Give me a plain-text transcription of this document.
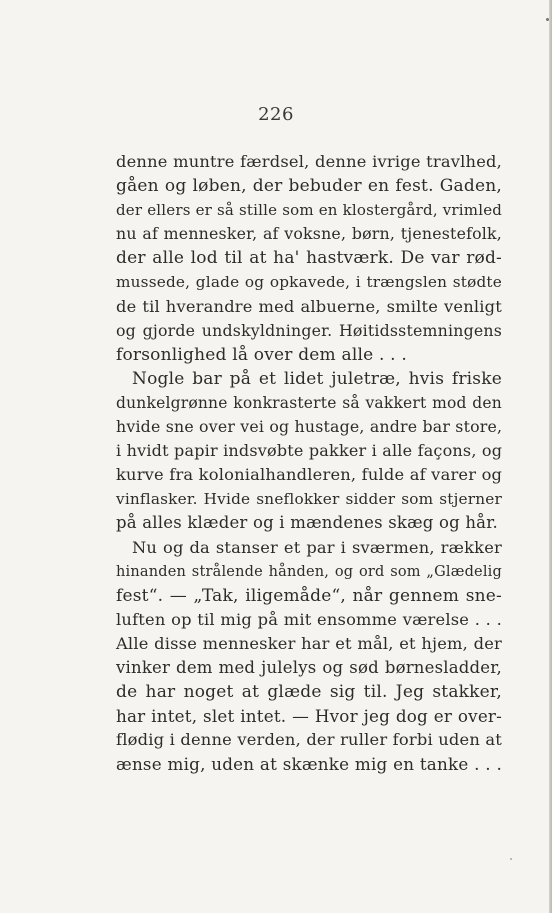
226
denne muntre færdsel, denne ivrige travlhed,
gåen og løben, der bebuder en fest. Gaden,
der ellers er så stille som en klostergård, vrimled
nu af mennesker, af voksne, børn, tjenestefolk,
der alle lod til at ha' hastværk. De var rød-
mussede, glade og opkavede, i trængslen stødte
de til hverandre med albuerne, smilte venligt
og gjorde undskyldninger. Høitidsstemningens
forsonlighed lå over dem alle . . .
Nogle bar på et lidet juletræ, hvis friske
dunkelgrønne konkrasterte så vakkert mod den
hvide sne over vei og hustage, andre bar store,
i hvidt papir indsvøbte pakker i alle façons, og
kurve fra kolonialhandleren, fulde af varer og
vinflasker. Hvide sneflokker sidder som stjerner
på alles klæder og i mændenes skæg og hår.
Nu og da stanser et par i sværmen, rækker
hinanden strålende hånden, og ord som „Glædelig
fest“. — „Tak, iligemåde“, når gennem sne-
luften op til mig på mit ensomme værelse . . .
Alle disse mennesker har et mål, et hjem, der
vinker dem med julelys og sød børnesladder,
de har noget at glæde sig til. Jeg stakker,
har intet, slet intet. — Hvor jeg dog er over-
flødig i denne verden, der ruller forbi uden at
ænse mig, uden at skænke mig en tanke . . .
